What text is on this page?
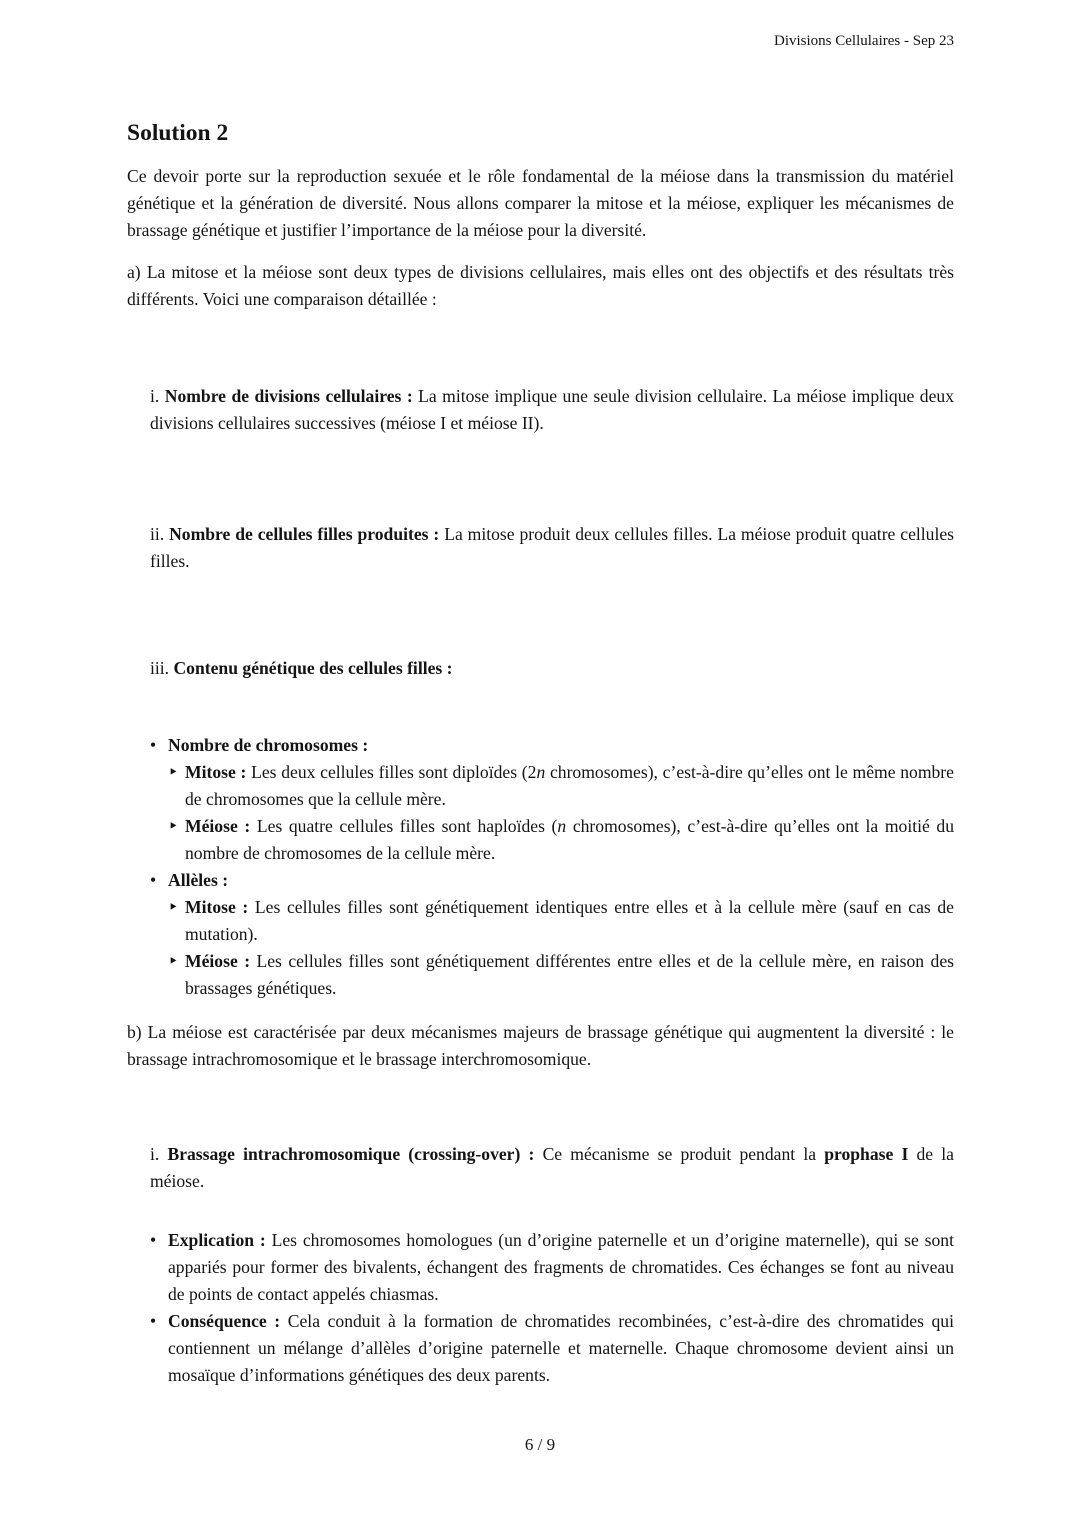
Divisions Cellulaires - Sep 23
Solution 2

Ce devoir porte sur la reproduction sexuée et le rôle fondamental de la méiose dans la transmission du matériel génétique et la génération de diversité. Nous allons comparer la mitose et la méiose, expliquer les mécanismes de brassage génétique et justifier l’importance de la méiose pour la diversité.

a) La mitose et la méiose sont deux types de divisions cellulaires, mais elles ont des objectifs et des résultats très différents. Voici une comparaison détaillée :

i. Nombre de divisions cellulaires : La mitose implique une seule division cellulaire. La méiose implique deux divisions cellulaires successives (méiose I et méiose II).

ii. Nombre de cellules filles produites : La mitose produit deux cellules filles. La méiose produit quatre cellules filles.

iii. Contenu génétique des cellules filles :

• Nombre de chromosomes :
‣ Mitose : Les deux cellules filles sont diploïdes (2n chromosomes), c’est-à-dire qu’elles ont le même nombre de chromosomes que la cellule mère.
‣ Méiose : Les quatre cellules filles sont haploïdes (n chromosomes), c’est-à-dire qu’elles ont la moitié du nombre de chromosomes de la cellule mère.
• Allèles :
‣ Mitose : Les cellules filles sont génétiquement identiques entre elles et à la cellule mère (sauf en cas de mutation).
‣ Méiose : Les cellules filles sont génétiquement différentes entre elles et de la cellule mère, en raison des brassages génétiques.

b) La méiose est caractérisée par deux mécanismes majeurs de brassage génétique qui augmentent la diversité : le brassage intrachromosomique et le brassage interchromosomique.

i. Brassage intrachromosomique (crossing-over) : Ce mécanisme se produit pendant la prophase I de la méiose.

• Explication : Les chromosomes homologues (un d’origine paternelle et un d’origine maternelle), qui se sont appariés pour former des bivalents, échangent des fragments de chromatides. Ces échanges se font au niveau de points de contact appelés chiasmas.
• Conséquence : Cela conduit à la formation de chromatides recombinées, c’est-à-dire des chromatides qui contiennent un mélange d’allèles d’origine paternelle et maternelle. Chaque chromosome devient ainsi un mosaïque d’informations génétiques des deux parents.
6 / 9
